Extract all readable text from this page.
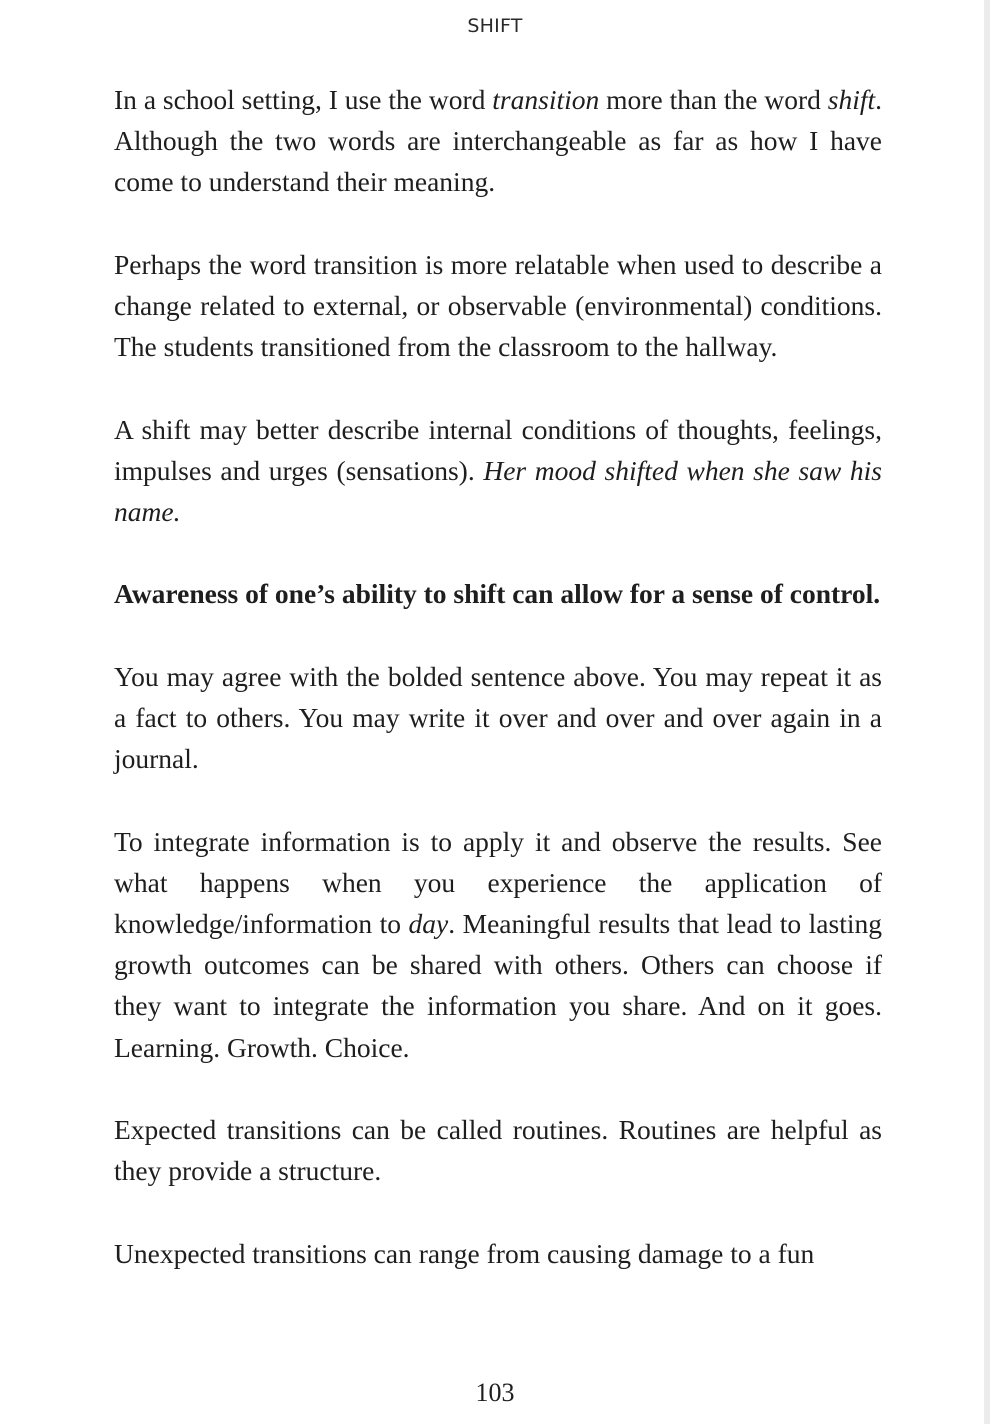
SHIFT

In a school setting, I use the word transition more than the word shift. Although the two words are interchangeable as far as how I have come to understand their meaning.

Perhaps the word transition is more relatable when used to describe a change related to external, or observable (environmental) conditions. The students transitioned from the classroom to the hallway.

A shift may better describe internal conditions of thoughts, feelings, impulses and urges (sensations). Her mood shifted when she saw his name.

Awareness of one’s ability to shift can allow for a sense of control.

You may agree with the bolded sentence above. You may repeat it as a fact to others. You may write it over and over and over again in a journal.

To integrate information is to apply it and observe the results. See what happens when you experience the application of knowledge/information to day. Meaningful results that lead to lasting growth outcomes can be shared with others. Others can choose if they want to integrate the information you share. And on it goes. Learning. Growth. Choice.

Expected transitions can be called routines. Routines are helpful as they provide a structure.

Unexpected transitions can range from causing damage to a fun

103
